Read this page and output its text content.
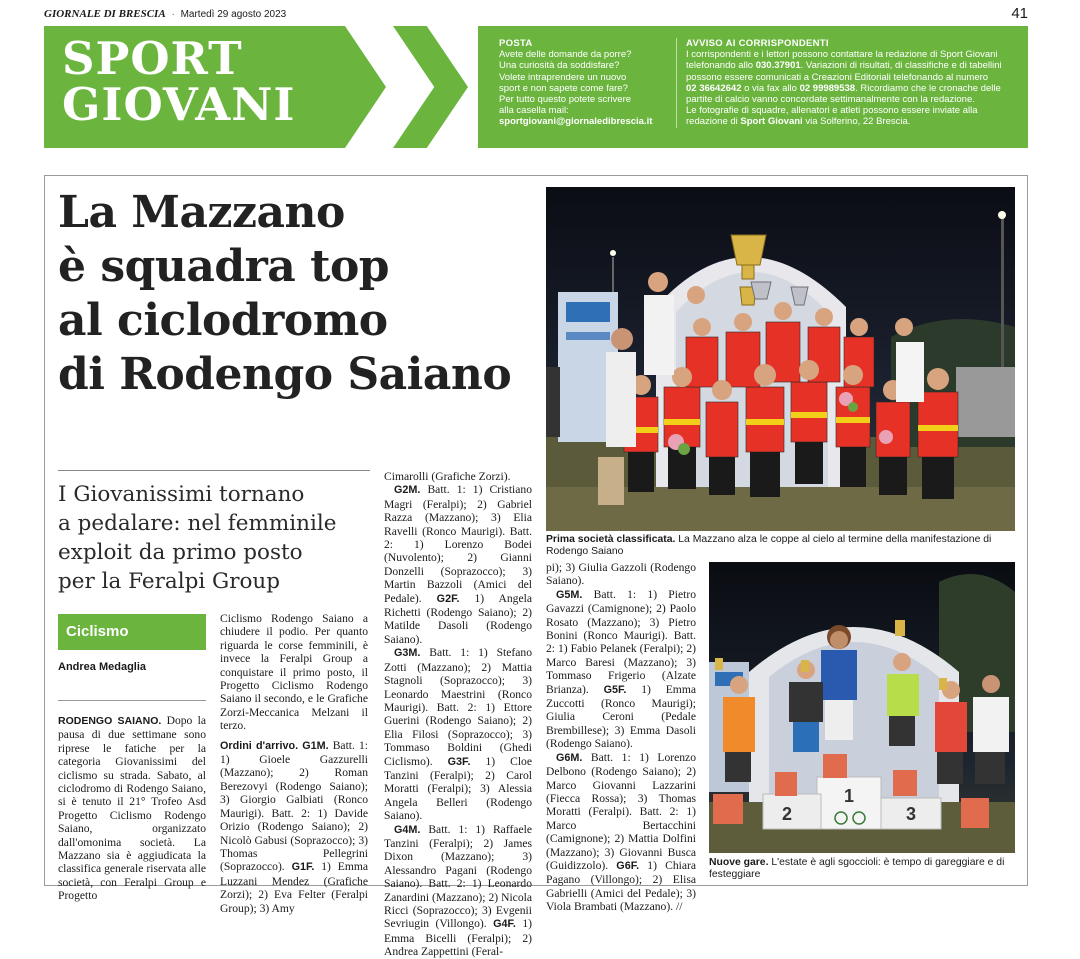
GIORNALE DI BRESCIA · Martedì 29 agosto 2023	41
SPORT
GIOVANI
POSTA
Avete delle domande da porre?
Una curiosità da soddisfare?
Volete intraprendere un nuovo
sport e non sapete come fare?
Per tutto questo potete scrivere
alla casella mail:
sportgiovani@giornaledibrescia.it
AVVISO AI CORRISPONDENTI
I corrispondenti e i lettori possono contattare la redazione di Sport Giovani
telefonando allo 030.37901. Variazioni di risultati, di classifiche e di tabellini
possono essere comunicati a Creazioni Editoriali telefonando al numero
02 36642642 o via fax allo 02 99989538. Ricordiamo che le cronache delle
partite di calcio vanno concordate settimanalmente con la redazione.
Le fotografie di squadre, allenatori e atleti possono essere inviate alla
redazione di Sport Giovani via Solferino, 22 Brescia.
La Mazzano
è squadra top
al ciclodromo
di Rodengo Saiano
I Giovanissimi tornano
a pedalare: nel femminile
exploit da primo posto
per la Feralpi Group
Ciclismo
Andrea Medaglia

RODENGO SAIANO. Dopo la pausa di due settimane sono riprese le fatiche per la categoria Giovanissimi del ciclismo su strada. Sabato, al ciclodromo di Rodengo Saiano, si è tenuto il 21° Trofeo Asd Progetto Ciclismo Rodengo Saiano, organizzato dall'omonima società. La Mazzano sia è aggiudicata la classifica generale riservata alle società, con Feralpi Group e Progetto

Ciclismo Rodengo Saiano a chiudere il podio. Per quanto riguarda le corse femminili, è invece la Feralpi Group a conquistare il primo posto, il Progetto Ciclismo Rodengo Saiano il secondo, e le Grafiche Zorzi-Meccanica Melzani il terzo.

Ordini d'arrivo. G1M. Batt. 1: 1) Gioele Gazzurelli (Mazzano); 2) Roman Berezovyi (Rodengo Saiano); 3) Giorgio Galbiati (Ronco Maurigi). Batt. 2: 1) Davide Orizio (Rodengo Saiano); 2) Nicolò Gabusi (Soprazocco); 3) Thomas Pellegrini (Soprazocco). G1F. 1) Emma Luzzani Mendez (Grafiche Zorzi); 2) Eva Felter (Feralpi Group); 3) Amy

Cimarolli (Grafiche Zorzi).

G2M. Batt. 1: 1) Cristiano Magri (Feralpi); 2) Gabriel Razza (Mazzano); 3) Elia Ravelli (Ronco Maurigi). Batt. 2: 1) Lorenzo Bodei (Nuvolento); 2) Gianni Donzelli (Soprazocco); 3) Martin Bazzoli (Amici del Pedale). G2F. 1) Angela Richetti (Rodengo Saiano); 2) Matilde Dasoli (Rodengo Saiano).

G3M. Batt. 1: 1) Stefano Zotti (Mazzano); 2) Mattia Stagnoli (Soprazocco); 3) Leonardo Maestrini (Ronco Maurigi). Batt. 2: 1) Ettore Guerini (Rodengo Saiano); 2) Elia Filosi (Soprazocco); 3) Tommaso Boldini (Ghedi Ciclismo). G3F. 1) Cloe Tanzini (Feralpi); 2) Carol Moratti (Feralpi); 3) Alessia Angela Belleri (Rodengo Saiano).

G4M. Batt. 1: 1) Raffaele Tanzini (Feralpi); 2) James Dixon (Mazzano); 3) Alessandro Pagani (Rodengo Saiano). Batt. 2: 1) Leonardo Zanardini (Mazzano); 2) Nicola Ricci (Soprazocco); 3) Evgenii Sevriugin (Villongo). G4F. 1) Emma Bicelli (Feralpi); 2) Andrea Zappettini (Feral-

pi); 3) Giulia Gazzoli (Rodengo Saiano).

G5M. Batt. 1: 1) Pietro Gavazzi (Camignone); 2) Paolo Rosato (Mazzano); 3) Pietro Bonini (Ronco Maurigi). Batt. 2: 1) Fabio Pelanek (Feralpi); 2) Marco Baresi (Mazzano); 3) Tommaso Frigerio (Alzate Brianza). G5F. 1) Emma Zuccotti (Ronco Maurigi); Giulia Ceroni (Pedale Brembillese); 3) Emma Dasoli (Rodengo Saiano).

G6M. Batt. 1: 1) Lorenzo Delbono (Rodengo Saiano); 2) Marco Giovanni Lazzarini (Fiecca Rossa); 3) Thomas Moratti (Feralpi). Batt. 2: 1) Marco Bertacchini (Camignone); 2) Mattia Dolfini (Mazzano); 3) Giovanni Busca (Guidizzolo). G6F. 1) Chiara Pagano (Villongo); 2) Elisa Gabrielli (Amici del Pedale); 3) Viola Brambati (Mazzano). //

Prima società classificata. La Mazzano alza le coppe al cielo al termine della manifestazione di Rodengo Saiano
2
1
3
Nuove gare. L'estate è agli sgoccioli: è tempo di gareggiare e di festeggiare
